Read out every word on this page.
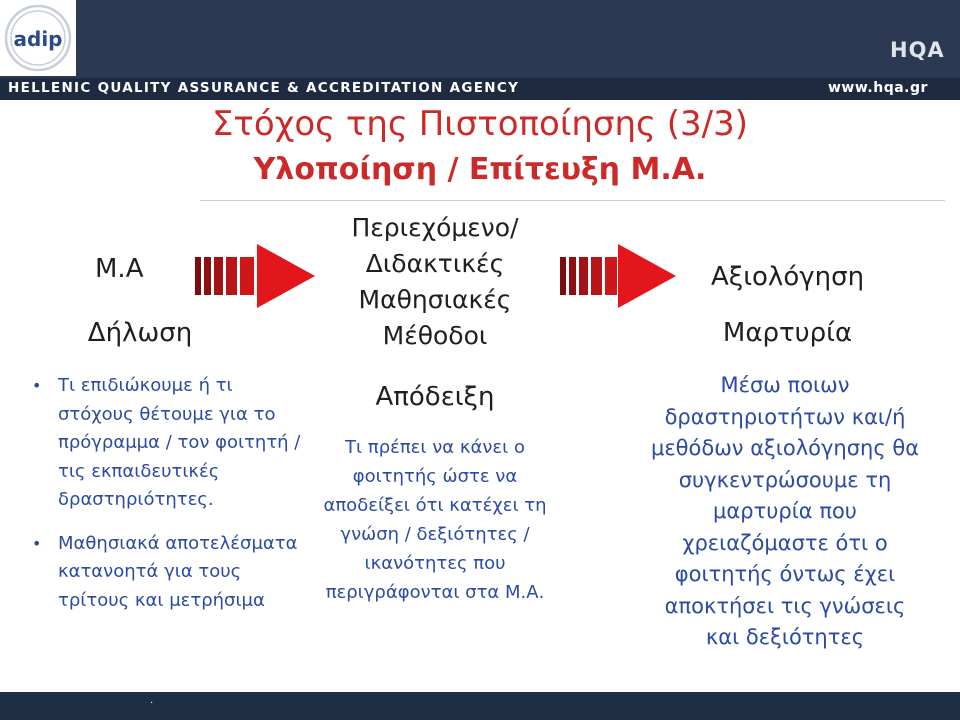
adip	HQA
HELLENIC QUALITY ASSURANCE & ACCREDITATION AGENCY	www.hqa.gr
Στόχος της Πιστοποίησης (3/3)
Υλοποίηση / Επίτευξη Μ.Α.
Μ.Α
Δήλωση
• Τι επιδιώκουμε ή τι στόχους θέτουμε για το πρόγραμμα / τον φοιτητή / τις εκπαιδευτικές δραστηριότητες.
• Μαθησιακά αποτελέσματα κατανοητά για τους τρίτους και μετρήσιμα
Περιεχόμενο/ Διδακτικές Μαθησιακές Μέθοδοι
Απόδειξη
Τι πρέπει να κάνει ο φοιτητής ώστε να αποδείξει ότι κατέχει τη γνώση / δεξιότητες / ικανότητες που περιγράφονται στα Μ.Α.
Αξιολόγηση
Μαρτυρία
Μέσω ποιων δραστηριοτήτων και/ή μεθόδων αξιολόγησης θα συγκεντρώσουμε τη μαρτυρία που χρειαζόμαστε ότι ο φοιτητής όντως έχει αποκτήσει τις γνώσεις και δεξιότητες
.
